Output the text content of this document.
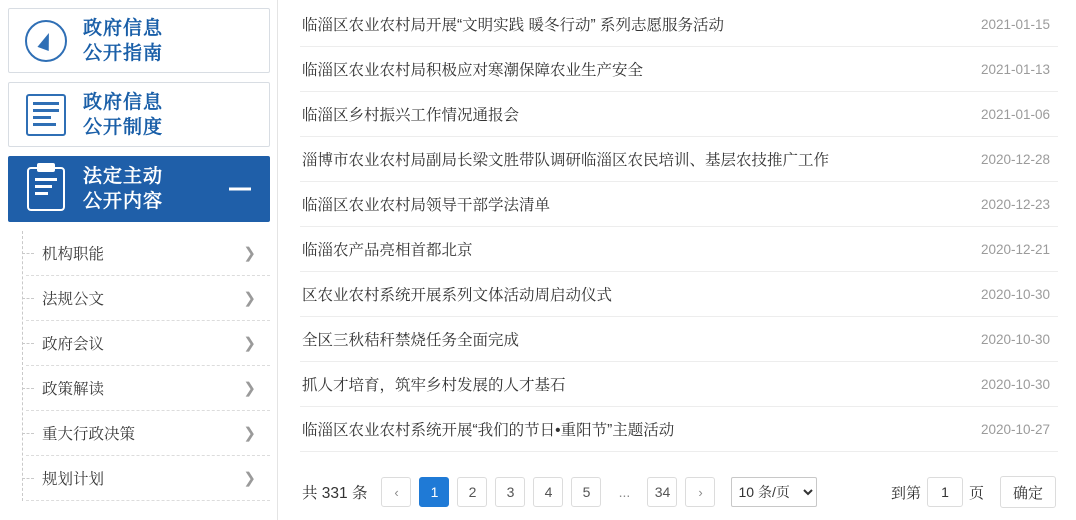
政府信息
公开指南
政府信息
公开制度
法定主动
公开内容
机构职能	❯
法规公文	❯
政府会议	❯
政策解读	❯
重大行政决策	❯
规划计划	❯
临淄区农业农村局开展“文明实践 暖冬行动” 系列志愿服务活动	2021-01-15
临淄区农业农村局积极应对寒潮保障农业生产安全	2021-01-13
临淄区乡村振兴工作情况通报会	2021-01-06
淄博市农业农村局副局长梁文胜带队调研临淄区农民培训、基层农技推广工作	2020-12-28
临淄区农业农村局领导干部学法清单	2020-12-23
临淄农产品亮相首都北京	2020-12-21
区农业农村系统开展系列文体活动周启动仪式	2020-10-30
全区三秋秸秆禁烧任务全面完成	2020-10-30
抓人才培育，筑牢乡村发展的人才基石	2020-10-30
临淄区农业农村系统开展“我们的节日•重阳节”主题活动	2020-10-27
共 331 条	‹	1	2	3	4	5	...	34	›
10 条/页	到第
1	页	确定
